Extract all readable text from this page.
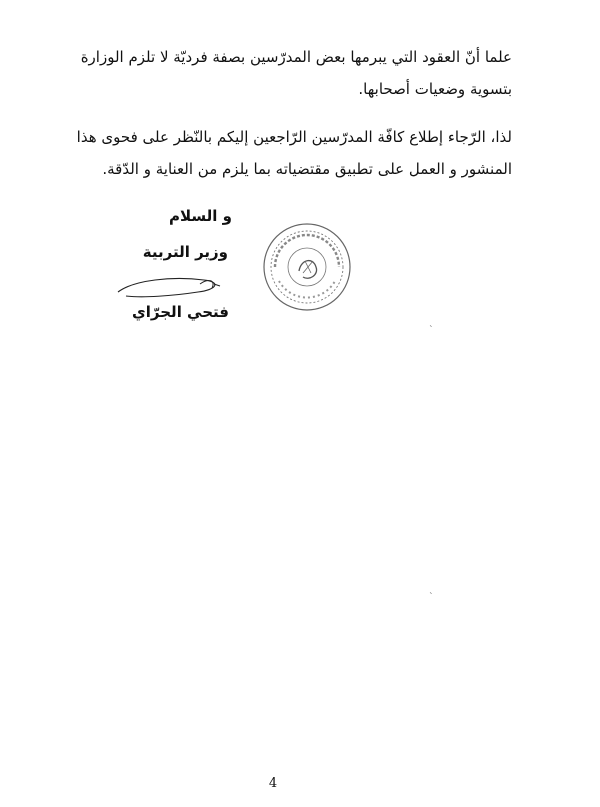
علما أنّ العقود التي يبرمها بعض المدرّسين بصفة فرديّة لا تلزم الوزارة بتسوية وضعيات أصحابها.

لذا، الرّجاء إطلاع كافّة المدرّسين الرّاجعين إليكم بالنّظر على فحوى هذا المنشور و العمل على تطبيق مقتضياته بما يلزم من العناية و الدّقة.

و السلام
وزير التربية
فتحي الجرّاي
ˎ
ˎ
4
